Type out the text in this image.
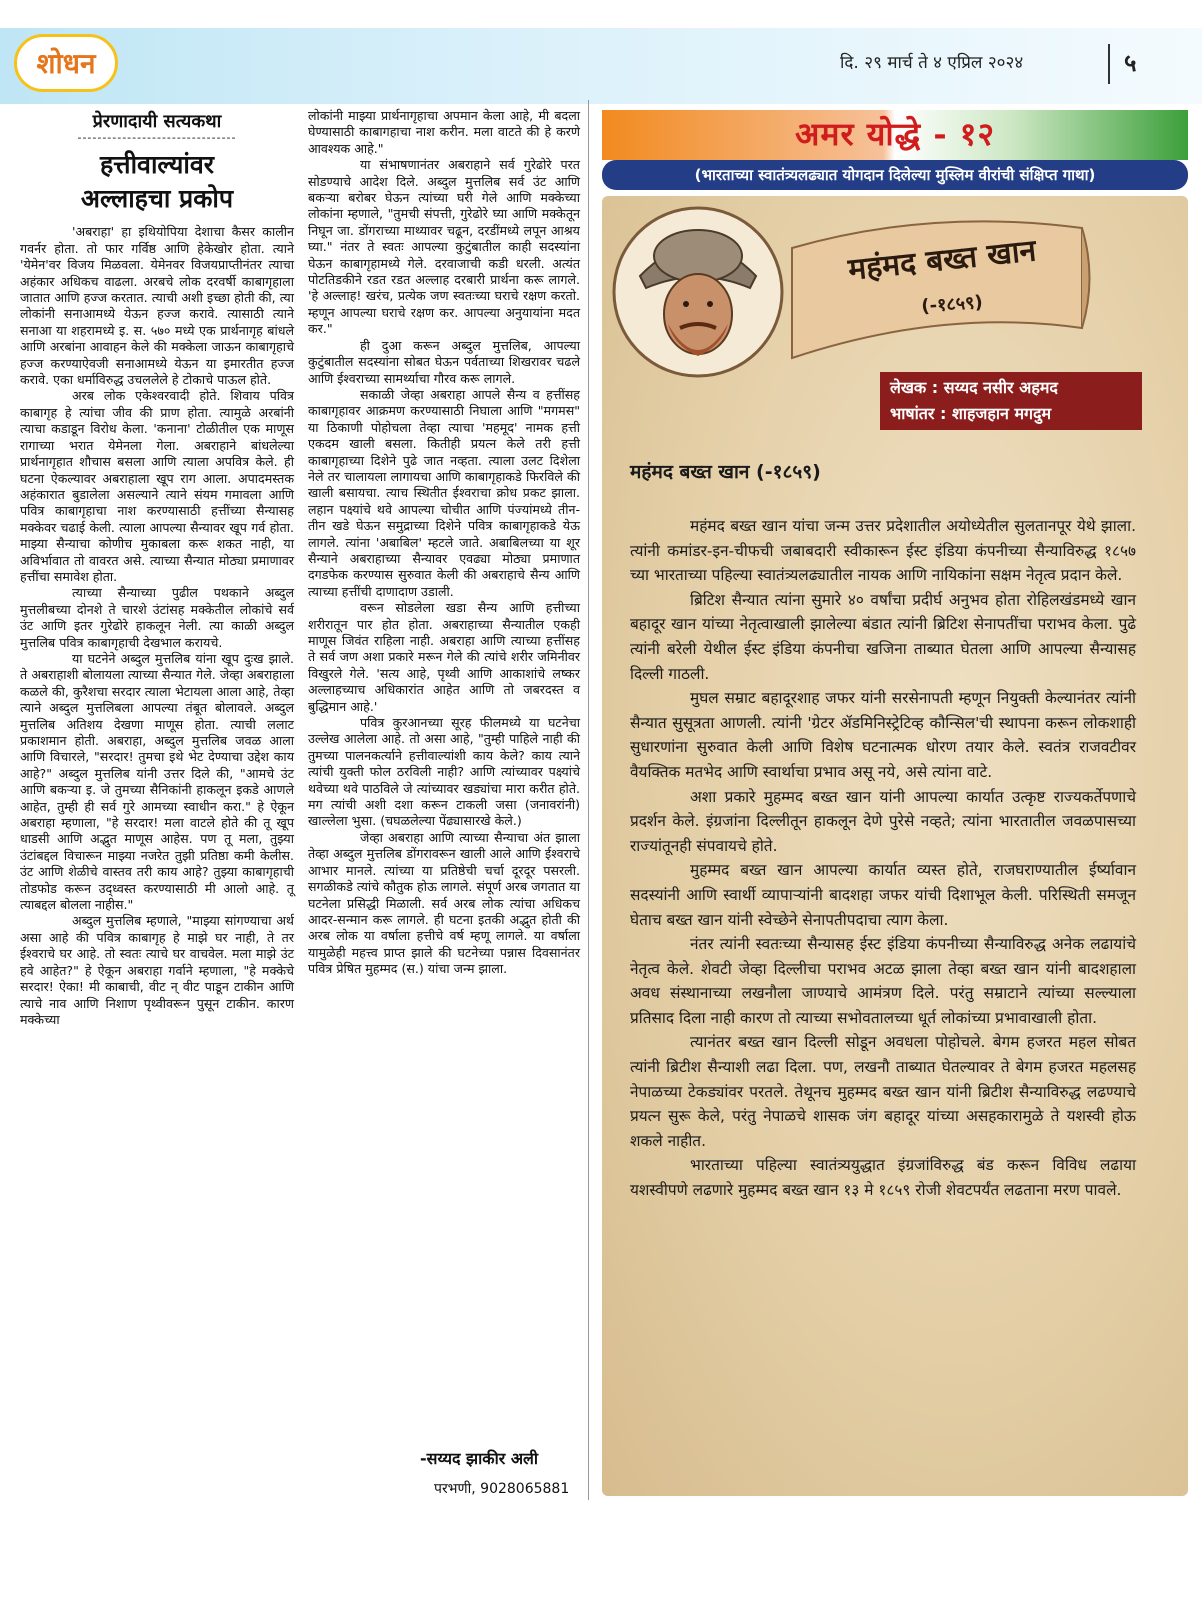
शोधन	दि. २९ मार्च ते ४ एप्रिल २०२४	५
प्रेरणादायी सत्यकथा
--------------------------------
हत्तीवाल्यांवर
अल्लाहचा प्रकोप

'अबराहा' हा इथियोपिया देशाचा कैसर कालीन गवर्नर होता. तो फार गर्विष्ठ आणि हेकेखोर होता. त्याने 'येमेन'वर विजय मिळवला. येमेनवर विजयप्राप्तीनंतर त्याचा अहंकार अधिकच वाढला. अरबचे लोक दरवर्षी काबागृहाला जातात आणि हज्ज करतात. त्याची अशी इच्छा होती की, त्या लोकांनी सनाआमध्ये येऊन हज्ज करावे. त्यासाठी त्याने सनाआ या शहरामध्ये इ. स. ५७० मध्ये एक प्रार्थनागृह बांधले आणि अरबांना आवाहन केले की मक्केला जाऊन काबागृहाचे हज्ज करण्याऐवजी सनाआमध्ये येऊन या इमारतीत हज्ज करावे. एका धर्माविरुद्ध उचललेले हे टोकाचे पाऊल होते.

अरब लोक एकेश्वरवादी होते. शिवाय पवित्र काबागृह हे त्यांचा जीव की प्राण होता. त्यामुळे अरबांनी त्याचा कडाडून विरोध केला. 'कनाना' टोळीतील एक माणूस रागाच्या भरात येमेनला गेला. अबराहाने बांधलेल्या प्रार्थनागृहात शौचास बसला आणि त्याला अपवित्र केले. ही घटना ऐकल्यावर अबराहाला खूप राग आला. अपादमस्तक अहंकारात बुडालेला असल्याने त्याने संयम गमावला आणि पवित्र काबागृहाचा नाश करण्यासाठी हत्तींच्या सैन्यासह मक्केवर चढाई केली. त्याला आपल्या सैन्यावर खूप गर्व होता. माझ्या सैन्याचा कोणीच मुकाबला करू शकत नाही, या अविर्भावात तो वावरत असे. त्याच्या सैन्यात मोठ्या प्रमाणावर हत्तींचा समावेश होता.

त्याच्या सैन्याच्या पुढील पथकाने अब्दुल मुत्तलीबच्या दोनशे ते चारशे उंटांसह मक्केतील लोकांचे सर्व उंट आणि इतर गुरेढोरे हाकलून नेली. त्या काळी अब्दुल मुत्तलिब पवित्र काबागृहाची देखभाल करायचे.

या घटनेने अब्दुल मुत्तलिब यांना खूप दुःख झाले. ते अबराहाशी बोलायला त्याच्या सैन्यात गेले. जेव्हा अबराहाला कळले की, कुरैशचा सरदार त्याला भेटायला आला आहे, तेव्हा त्याने अब्दुल मुत्तलिबला आपल्या तंबूत बोलावले. अब्दुल मुत्तलिब अतिशय देखणा माणूस होता. त्याची ललाट प्रकाशमान होती. अबराहा, अब्दुल मुत्तलिब जवळ आला आणि विचारले, "सरदार! तुमचा इथे भेट देण्याचा उद्देश काय आहे?" अब्दुल मुत्तलिब यांनी उत्तर दिले की, "आमचे उंट आणि बकऱ्या इ. जे तुमच्या सैनिकांनी हाकलून इकडे आणले आहेत, तुम्ही ही सर्व गुरे आमच्या स्वाधीन करा." हे ऐकून अबराहा म्हणाला, "हे सरदार! मला वाटले होते की तू खूप धाडसी आणि अद्भुत माणूस आहेस. पण तू मला, तुझ्या उंटांबद्दल विचारून माझ्या नजरेत तुझी प्रतिष्ठा कमी केलीस. उंट आणि शेळीचे वास्तव तरी काय आहे? तुझ्या काबागृहाची तोडफोड करून उद्ध्वस्त करण्यासाठी मी आलो आहे. तू त्याबद्दल बोलला नाहीस."

अब्दुल मुत्तलिब म्हणाले, "माझ्या सांगण्याचा अर्थ असा आहे की पवित्र काबागृह हे माझे घर नाही, ते तर ईश्वराचे घर आहे. तो स्वतः त्याचे घर वाचवेल. मला माझे उंट हवे आहेत?" हे ऐकून अबराहा गर्वाने म्हणाला, "हे मक्केचे सरदार! ऐका! मी काबाची, वीट न् वीट पाडून टाकीन आणि त्याचे नाव आणि निशाण पृथ्वीवरून पुसून टाकीन. कारण मक्केच्या

लोकांनी माझ्या प्रार्थनागृहाचा अपमान केला आहे, मी बदला घेण्यासाठी काबागहाचा नाश करीन. मला वाटते की हे करणे आवश्यक आहे."

या संभाषणानंतर अबराहाने सर्व गुरेढोरे परत सोडण्याचे आदेश दिले. अब्दुल मुत्तलिब सर्व उंट आणि बकऱ्या बरोबर घेऊन त्यांच्या घरी गेले आणि मक्केच्या लोकांना म्हणाले, "तुमची संपत्ती, गुरेढोरे घ्या आणि मक्केतून निघून जा. डोंगराच्या माथ्यावर चढून, दरडींमध्ये लपून आश्रय घ्या." नंतर ते स्वतः आपल्या कुटुंबातील काही सदस्यांना घेऊन काबागृहामध्ये गेले. दरवाजाची कडी धरली. अत्यंत पोटतिडकीने रडत रडत अल्लाह दरबारी प्रार्थना करू लागले. 'हे अल्लाह! खरंच, प्रत्येक जण स्वतःच्या घराचे रक्षण करतो. म्हणून आपल्या घराचे रक्षण कर. आपल्या अनुयायांना मदत कर."

ही दुआ करून अब्दुल मुत्तलिब, आपल्या कुटुंबातील सदस्यांना सोबत घेऊन पर्वताच्या शिखरावर चढले आणि ईश्वराच्या सामर्थ्याचा गौरव करू लागले.

सकाळी जेव्हा अबराहा आपले सैन्य व हत्तींसह काबागृहावर आक्रमण करण्यासाठी निघाला आणि "मगमस" या ठिकाणी पोहोचला तेव्हा त्याचा 'महमूद' नामक हत्ती एकदम खाली बसला. कितीही प्रयत्न केले तरी हत्ती काबागृहाच्या दिशेने पुढे जात नव्हता. त्याला उलट दिशेला नेले तर चालायला लागायचा आणि काबागृहाकडे फिरविले की खाली बसायचा. त्याच स्थितीत ईश्वराचा क्रोध प्रकट झाला. लहान पक्ष्यांचे थवे आपल्या चोचीत आणि पंज्यांमध्ये तीन-तीन खडे घेऊन समुद्राच्या दिशेने पवित्र काबागृहाकडे येऊ लागले. त्यांना 'अबाबिल' म्हटले जाते. अबाबिलच्या या शूर सैन्याने अबराहाच्या सैन्यावर एवढ्या मोठ्या प्रमाणात दगडफेक करण्यास सुरुवात केली की अबराहाचे सैन्य आणि त्याच्या हत्तींची दाणादाण उडाली.

वरून सोडलेला खडा सैन्य आणि हत्तीच्या शरीरातून पार होत होता. अबराहाच्या सैन्यातील एकही माणूस जिवंत राहिला नाही. अबराहा आणि त्याच्या हत्तींसह ते सर्व जण अशा प्रकारे मरून गेले की त्यांचे शरीर जमिनीवर विखुरले गेले. 'सत्य आहे, पृथ्वी आणि आकाशांचे लष्कर अल्लाहच्याच अधिकारांत आहेत आणि तो जबरदस्त व बुद्धिमान आहे.'

पवित्र कुरआनच्या सूरह फीलमध्ये या घटनेचा उल्लेख आलेला आहे. तो असा आहे, "तुम्ही पाहिले नाही की तुमच्या पालनकर्त्याने हत्तीवाल्यांशी काय केले? काय त्याने त्यांची युक्ती फोल ठरविली नाही? आणि त्यांच्यावर पक्ष्यांचे थवेच्या थवे पाठविले जे त्यांच्यावर खड्यांचा मारा करीत होते. मग त्यांची अशी दशा करून टाकली जसा (जनावरांनी) खाल्लेला भुसा. (चघळलेल्या पेंढ्यासारखे केले.)

जेव्हा अबराहा आणि त्याच्या सैन्याचा अंत झाला तेव्हा अब्दुल मुत्तलिब डोंगरावरून खाली आले आणि ईश्वराचे आभार मानले. त्यांच्या या प्रतिष्ठेची चर्चा दूरदूर पसरली. सगळीकडे त्यांचे कौतुक होऊ लागले. संपूर्ण अरब जगतात या घटनेला प्रसिद्धी मिळाली. सर्व अरब लोक त्यांचा अधिकच आदर-सन्मान करू लागले. ही घटना इतकी अद्भुत होती की अरब लोक या वर्षाला हत्तीचे वर्ष म्हणू लागले. या वर्षाला यामुळेही महत्त्व प्राप्त झाले की घटनेच्या पन्नास दिवसानंतर पवित्र प्रेषित मुहम्मद (स.) यांचा जन्म झाला.

-सय्यद झाकीर अली
परभणी, 9028065881
अमर योद्धे - १२
(भारताच्या स्वातंत्र्यलढ्यात योगदान दिलेल्या मुस्लिम वीरांची संक्षिप्त गाथा)
महंमद बख्त खान
(-१८५९)
लेखक : सय्यद नसीर अहमद
भाषांतर : शाहजहान मगदुम
महंमद बख्त खान (-१८५९)

महंमद बख्त खान यांचा जन्म उत्तर प्रदेशातील अयोध्येतील सुलतानपूर येथे झाला. त्यांनी कमांडर-इन-चीफची जबाबदारी स्वीकारून ईस्ट इंडिया कंपनीच्या सैन्याविरुद्ध १८५७ च्या भारताच्या पहिल्या स्वातंत्र्यलढ्यातील नायक आणि नायिकांना सक्षम नेतृत्व प्रदान केले.

ब्रिटिश सैन्यात त्यांना सुमारे ४० वर्षांचा प्रदीर्घ अनुभव होता रोहिलखंडमध्ये खान बहादूर खान यांच्या नेतृत्वाखाली झालेल्या बंडात त्यांनी ब्रिटिश सेनापतींचा पराभव केला. पुढे त्यांनी बरेली येथील ईस्ट इंडिया कंपनीचा खजिना ताब्यात घेतला आणि आपल्या सैन्यासह दिल्ली गाठली.

मुघल सम्राट बहादूरशाह जफर यांनी सरसेनापती म्हणून नियुक्ती केल्यानंतर त्यांनी सैन्यात सुसूत्रता आणली. त्यांनी 'ग्रेटर ॲडमिनिस्ट्रेटिव्ह कौन्सिल'ची स्थापना करून लोकशाही सुधारणांना सुरुवात केली आणि विशेष घटनात्मक धोरण तयार केले. स्वतंत्र राजवटीवर वैयक्तिक मतभेद आणि स्वार्थाचा प्रभाव असू नये, असे त्यांना वाटे.

अशा प्रकारे मुहम्मद बख्त खान यांनी आपल्या कार्यात उत्कृष्ट राज्यकर्तेपणाचे प्रदर्शन केले. इंग्रजांना दिल्लीतून हाकलून देणे पुरेसे नव्हते; त्यांना भारतातील जवळपासच्या राज्यांतूनही संपवायचे होते.

मुहम्मद बख्त खान आपल्या कार्यात व्यस्त होते, राजघराण्यातील ईर्ष्यावान सदस्यांनी आणि स्वार्थी व्यापाऱ्यांनी बादशहा जफर यांची दिशाभूल केली. परिस्थिती समजून घेताच बख्त खान यांनी स्वेच्छेने सेनापतीपदाचा त्याग केला.

नंतर त्यांनी स्वतःच्या सैन्यासह ईस्ट इंडिया कंपनीच्या सैन्याविरुद्ध अनेक लढायांचे नेतृत्व केले. शेवटी जेव्हा दिल्लीचा पराभव अटळ झाला तेव्हा बख्त खान यांनी बादशहाला अवध संस्थानाच्या लखनौला जाण्याचे आमंत्रण दिले. परंतु सम्राटाने त्यांच्या सल्ल्याला प्रतिसाद दिला नाही कारण तो त्याच्या सभोवतालच्या धूर्त लोकांच्या प्रभावाखाली होता.

त्यानंतर बख्त खान दिल्ली सोडून अवधला पोहोचले. बेगम हजरत महल सोबत त्यांनी ब्रिटीश सैन्याशी लढा दिला. पण, लखनौ ताब्यात घेतल्यावर ते बेगम हजरत महलसह नेपाळच्या टेकड्यांवर परतले. तेथूनच मुहम्मद बख्त खान यांनी ब्रिटीश सैन्याविरुद्ध लढण्याचे प्रयत्न सुरू केले, परंतु नेपाळचे शासक जंग बहादूर यांच्या असहकारामुळे ते यशस्वी होऊ शकले नाहीत.

भारताच्या पहिल्या स्वातंत्र्ययुद्धात इंग्रजांविरुद्ध बंड करून विविध लढाया यशस्वीपणे लढणारे मुहम्मद बख्त खान १३ मे १८५९ रोजी शेवटपर्यंत लढताना मरण पावले.
